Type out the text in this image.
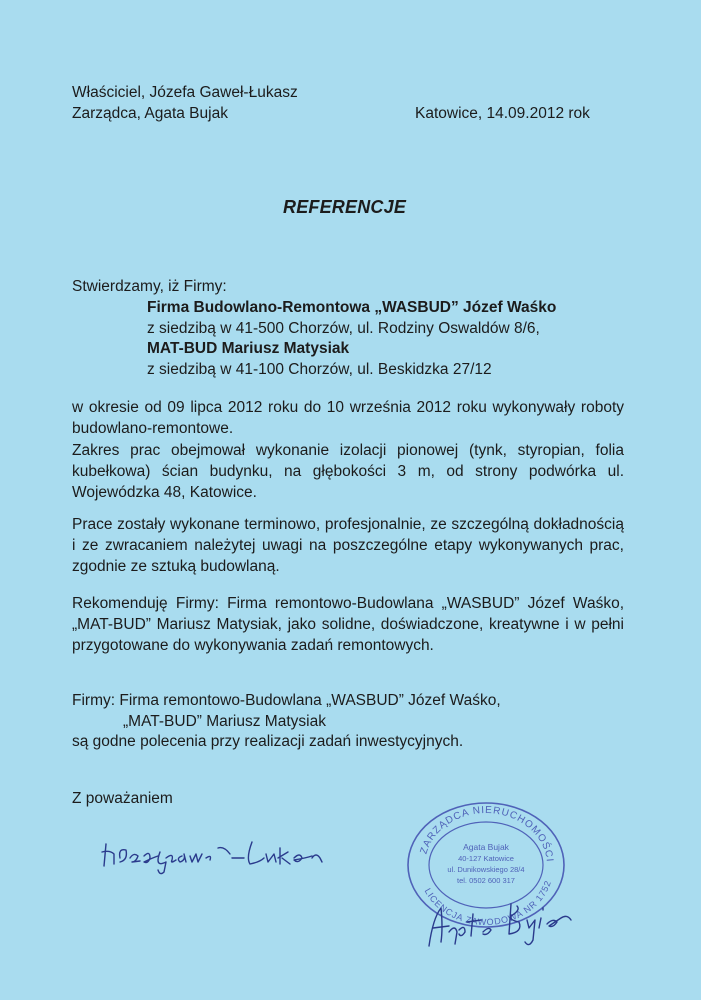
Właściciel, Józefa Gaweł-Łukasz
Zarządca, Agata Bujak	Katowice, 14.09.2012 rok
REFERENCJE
Stwierdzamy, iż Firmy:
Firma Budowlano-Remontowa „WASBUD” Józef Waśko
z siedzibą w 41-500 Chorzów, ul. Rodziny Oswaldów 8/6,
MAT-BUD Mariusz Matysiak
z siedzibą w 41-100 Chorzów, ul. Beskidzka 27/12
w okresie od 09 lipca 2012 roku do 10 września 2012 roku wykonywały roboty budowlano-remontowe.
Zakres prac obejmował wykonanie izolacji pionowej (tynk, styropian, folia kubełkowa) ścian budynku, na głębokości 3 m, od strony podwórka ul. Wojewódzka 48, Katowice.
Prace zostały wykonane terminowo, profesjonalnie, ze szczególną dokładnością i ze zwracaniem należytej uwagi na poszczególne etapy wykonywanych prac, zgodnie ze sztuką budowlaną.
Rekomenduję Firmy: Firma remontowo-Budowlana „WASBUD” Józef Waśko, „MAT-BUD” Mariusz Matysiak, jako solidne, doświadczone, kreatywne i w pełni przygotowane do wykonywania zadań remontowych.
Firmy: Firma remontowo-Budowlana „WASBUD” Józef Waśko,
„MAT-BUD” Mariusz Matysiak
są godne polecenia przy realizacji zadań inwestycyjnych.
Z poważaniem
ZARZĄDCA NIERUCHOMOŚCI
LICENCJA ZAWODOWA NR 1752
Agata Bujak
40-127 Katowice
ul. Dunikowskiego 28/4
tel. 0502 600 317
